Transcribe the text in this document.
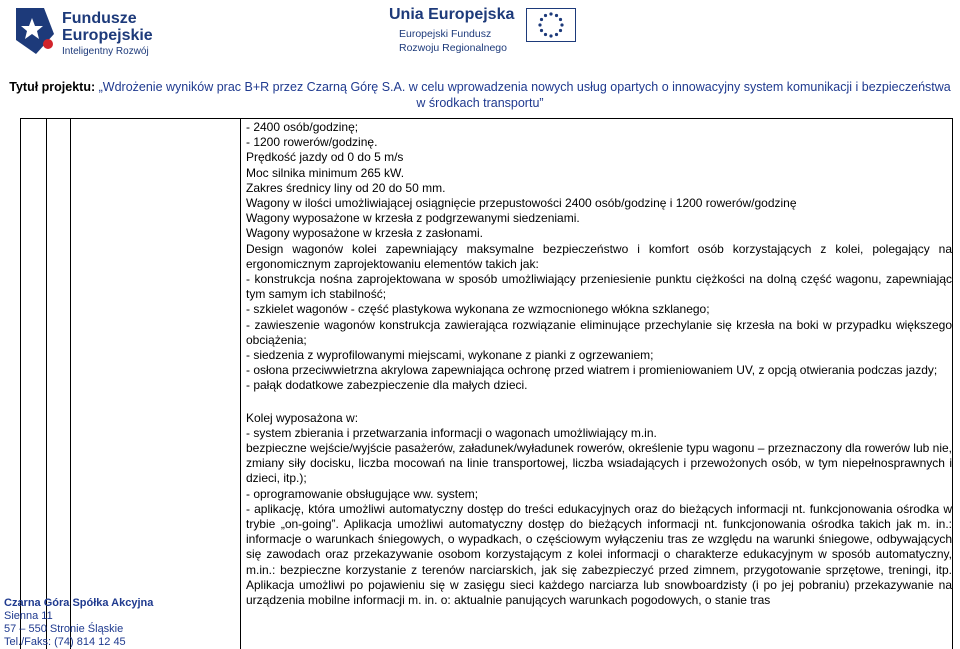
Fundusze
Europejskie
Inteligentny Rozwój
Unia Europejska
Europejski Fundusz
Rozwoju Regionalnego
Tytuł projektu: „Wdrożenie wyników prac B+R przez Czarną Górę S.A. w celu wprowadzenia nowych usług opartych o innowacyjny system komunikacji i bezpieczeństwa w środkach transportu”

- 2400 osób/godzinę;

- 1200 rowerów/godzinę.

Prędkość jazdy od 0 do 5 m/s

Moc silnika minimum 265 kW.

Zakres średnicy liny od 20 do 50 mm.

Wagony w ilości umożliwiającej osiągnięcie przepustowości 2400 osób/godzinę i 1200 rowerów/godzinę

Wagony wyposażone w krzesła z podgrzewanymi siedzeniami.

Wagony wyposażone w krzesła z zasłonami.

Design wagonów kolei zapewniający maksymalne bezpieczeństwo i komfort osób korzystających z kolei, polegający na ergonomicznym zaprojektowaniu elementów takich jak:

- konstrukcja nośna zaprojektowana w sposób umożliwiający przeniesienie punktu ciężkości na dolną część wagonu, zapewniając tym samym ich stabilność;

- szkielet wagonów - część plastykowa wykonana ze wzmocnionego włókna szklanego;

- zawieszenie wagonów konstrukcja zawierająca rozwiązanie eliminujące przechylanie się krzesła na boki w przypadku większego obciążenia;

- siedzenia z wyprofilowanymi miejscami, wykonane z pianki z ogrzewaniem;

- osłona przeciwwietrzna akrylowa zapewniająca ochronę przed wiatrem i promieniowaniem UV, z opcją otwierania podczas jazdy;

- pałąk dodatkowe zabezpieczenie dla małych dzieci.

Kolej wyposażona w:

- system zbierania i przetwarzania informacji o wagonach umożliwiający m.in.

bezpieczne wejście/wyjście pasażerów, załadunek/wyładunek rowerów, określenie typu wagonu – przeznaczony dla rowerów lub nie, zmiany siły docisku, liczba mocowań na linie transportowej, liczba wsiadających i przewożonych osób, w tym niepełnosprawnych i dzieci, itp.);

- oprogramowanie obsługujące ww. system;

- aplikację, która umożliwi automatyczny dostęp do treści edukacyjnych oraz do bieżących informacji nt. funkcjonowania ośrodka w trybie „on-going”. Aplikacja umożliwi automatyczny dostęp do bieżących informacji nt. funkcjonowania ośrodka takich jak m. in.: informacje o warunkach śniegowych, o wypadkach, o częściowym wyłączeniu tras ze względu na warunki śniegowe, odbywających się zawodach oraz przekazywanie osobom korzystającym z kolei informacji o charakterze edukacyjnym w sposób automatyczny, m.in.: bezpieczne korzystanie z terenów narciarskich, jak się zabezpieczyć przed zimnem, przygotowanie sprzętowe, treningi, itp. Aplikacja umożliwi po pojawieniu się w zasięgu sieci każdego narciarza lub snowboardzisty (i po jej pobraniu) przekazywanie na urządzenia mobilne informacji m. in. o: aktualnie panujących warunkach pogodowych, o stanie tras

Czarna Góra Spółka Akcyjna
Sienna 11
57 – 550 Stronie Śląskie
Tel./Faks: (74) 814 12 45
